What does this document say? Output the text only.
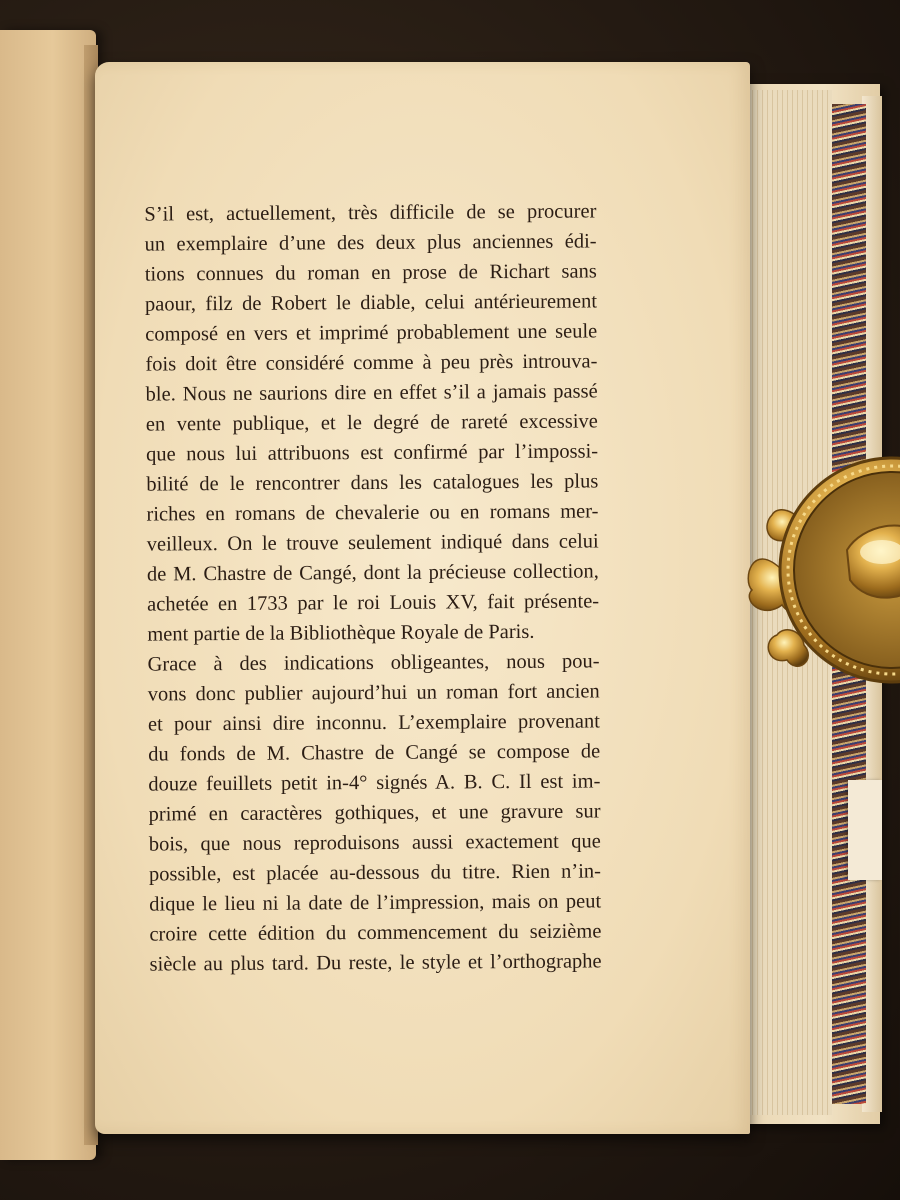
S’il est, actuellement, très difficile de se procurer
un exemplaire d’une des deux plus anciennes édi-
tions connues du roman en prose de Richart sans
paour, filz de Robert le diable, celui antérieurement
composé en vers et imprimé probablement une seule
fois doit être considéré comme à peu près introuva-
ble. Nous ne saurions dire en effet s’il a jamais passé
en vente publique, et le degré de rareté excessive
que nous lui attribuons est confirmé par l’impossi-
bilité de le rencontrer dans les catalogues les plus
riches en romans de chevalerie ou en romans mer-
veilleux. On le trouve seulement indiqué dans celui
de M. Chastre de Cangé, dont la précieuse collection,
achetée en 1733 par le roi Louis XV, fait présente-
ment partie de la Bibliothèque Royale de Paris.
Grace à des indications obligeantes, nous pou-
vons donc publier aujourd’hui un roman fort ancien
et pour ainsi dire inconnu. L’exemplaire provenant
du fonds de M. Chastre de Cangé se compose de
douze feuillets petit in-4° signés A. B. C. Il est im-
primé en caractères gothiques, et une gravure sur
bois, que nous reproduisons aussi exactement que
possible, est placée au-dessous du titre. Rien n’in-
dique le lieu ni la date de l’impression, mais on peut
croire cette édition du commencement du seizième
siècle au plus tard. Du reste, le style et l’orthographe
